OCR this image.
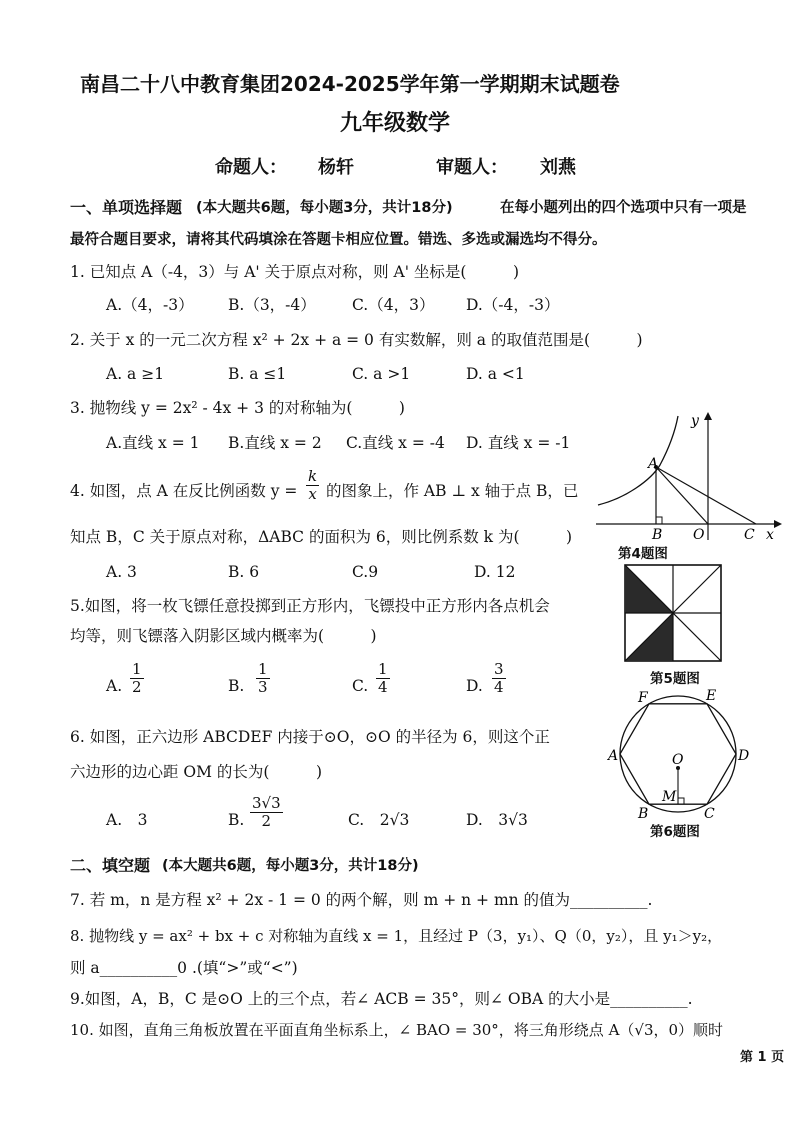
南昌二十八中教育集团2024-2025学年第一学期期末试题卷
九年级数学
命题人： 杨轩	审题人： 刘燕
一、单项选择题 (本大题共6题，每小题3分，共计18分)	在每小题列出的四个选项中只有一项是
最符合题目要求，请将其代码填涂在答题卡相应位置。错选、多选或漏选均不得分。
1. 已知点 A（-4，3）与 A' 关于原点对称，则 A' 坐标是(　　　)
A.（4，-3） B.（3，-4） C.（4，3） D.（-4，-3）
2. 关于 x 的一元二次方程 x² + 2x + a = 0 有实数解，则 a 的取值范围是(　　　)
A. a ≥1	B. a ≤1	C. a >1	D. a <1
3. 抛物线 y = 2x² - 4x + 3 的对称轴为(　　　)
A.直线 x = 1 B.直线 x = 2 C.直线 x = -4 D. 直线 x = -1
4. 如图，点 A 在反比例函数 $y = \frac{k}{x}$ 的图象上，作 AB ⊥ x 轴于点 B，已
知点 B，C 关于原点对称，ΔABC 的面积为 6，则比例系数 k 为(　　　)
A. 3	B. 6	C.9	D. 12
A
B O	C x
y
第4题图
5.如图，将一枚飞镖任意投掷到正方形内，飞镖投中正方形内各点机会
均等，则飞镖落入阴影区域内概率为(　　　)
A. $\frac{1}{2}$	B. $\frac{1}{3}$	C. $\frac{1}{4}$	D. $\frac{3}{4}$	第5题图
6. 如图，正六边形 ABCDEF 内接于⊙O，⊙O 的半径为 6，则这个正
六边形的边心距 OM 的长为(　　　)
A.　3	B. $\frac{3√3}{2}$	C.　2√3	D.　3√3
F	E
A	D
O
M
B	C
第6题图
二、填空题 (本大题共6题，每小题3分，共计18分)
7. 若 m，n 是方程 x² + 2x - 1 = 0 的两个解，则 m + n + mn 的值为__________.
8. 抛物线 y = ax² + bx + c 对称轴为直线 x = 1，且经过 P（3，y₁）、Q（0，y₂），且 y₁＞y₂，
则 a__________0 .(填“>”或“<”)
9.如图，A，B，C 是⊙O 上的三个点，若∠ ACB = 35°，则∠ OBA 的大小是__________.
10. 如图，直角三角板放置在平面直角坐标系上，∠ BAO = 30°，将三角形绕点 A（√3，0）顺时
第 1 页
